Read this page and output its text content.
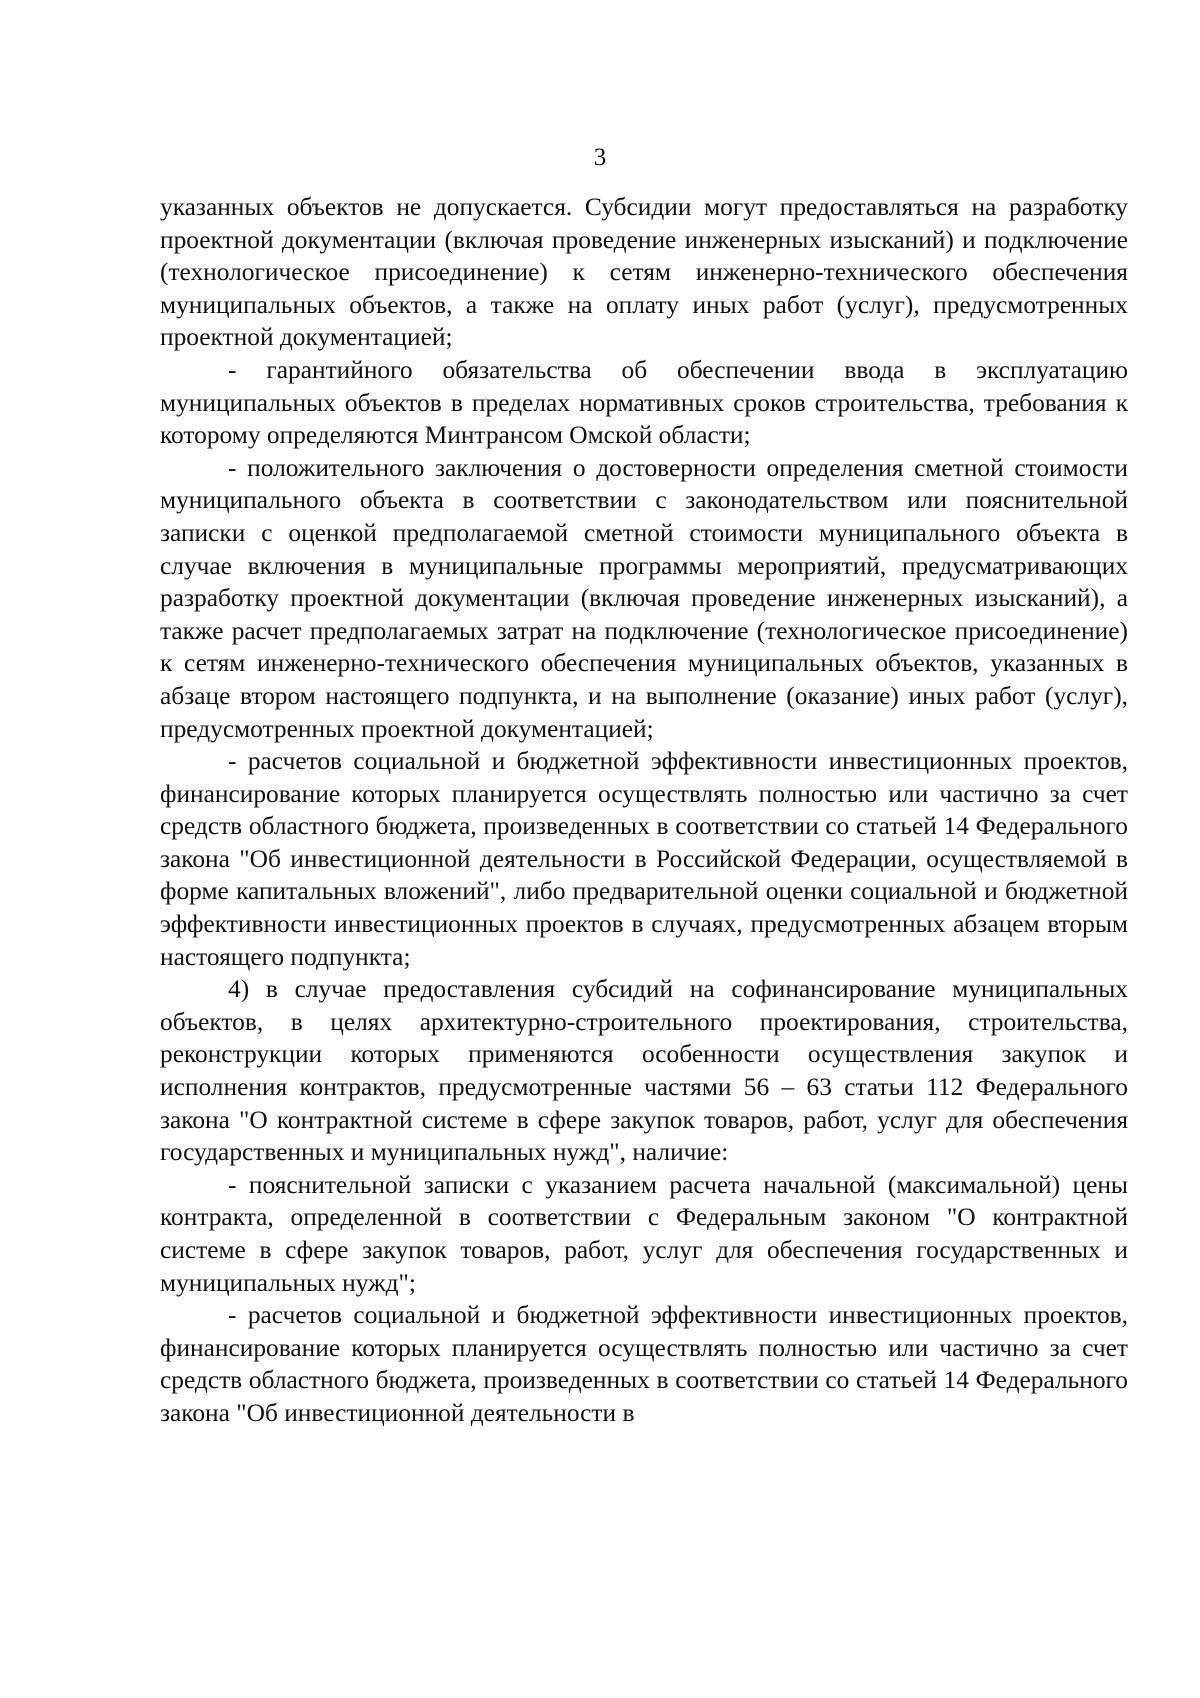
3

указанных объектов не допускается. Субсидии могут предоставляться на разработку проектной документации (включая проведение инженерных изысканий) и подключение (технологическое присоединение) к сетям инженерно-технического обеспечения муниципальных объектов, а также на оплату иных работ (услуг), предусмотренных проектной документацией;

- гарантийного обязательства об обеспечении ввода в эксплуатацию муниципальных объектов в пределах нормативных сроков строительства, требования к которому определяются Минтрансом Омской области;

- положительного заключения о достоверности определения сметной стоимости муниципального объекта в соответствии с законодательством или пояснительной записки с оценкой предполагаемой сметной стоимости муниципального объекта в случае включения в муниципальные программы мероприятий, предусматривающих разработку проектной документации (включая проведение инженерных изысканий), а также расчет предполагаемых затрат на подключение (технологическое присоединение) к сетям инженерно-технического обеспечения муниципальных объектов, указанных в абзаце втором настоящего подпункта, и на выполнение (оказание) иных работ (услуг), предусмотренных проектной документацией;

- расчетов социальной и бюджетной эффективности инвестиционных проектов, финансирование которых планируется осуществлять полностью или частично за счет средств областного бюджета, произведенных в соответствии со статьей 14 Федерального закона "Об инвестиционной деятельности в Российской Федерации, осуществляемой в форме капитальных вложений", либо предварительной оценки социальной и бюджетной эффективности инвестиционных проектов в случаях, предусмотренных абзацем вторым настоящего подпункта;

4) в случае предоставления субсидий на софинансирование муниципальных объектов, в целях архитектурно-строительного проектирования, строительства, реконструкции которых применяются особенности осуществления закупок и исполнения контрактов, предусмотренные частями 56 – 63 статьи 112 Федерального закона "О контрактной системе в сфере закупок товаров, работ, услуг для обеспечения государственных и муниципальных нужд", наличие:

- пояснительной записки с указанием расчета начальной (максимальной) цены контракта, определенной в соответствии с Федеральным законом "О контрактной системе в сфере закупок товаров, работ, услуг для обеспечения государственных и муниципальных нужд";

- расчетов социальной и бюджетной эффективности инвестиционных проектов, финансирование которых планируется осуществлять полностью или частично за счет средств областного бюджета, произведенных в соответствии со статьей 14 Федерального закона "Об инвестиционной деятельности в
